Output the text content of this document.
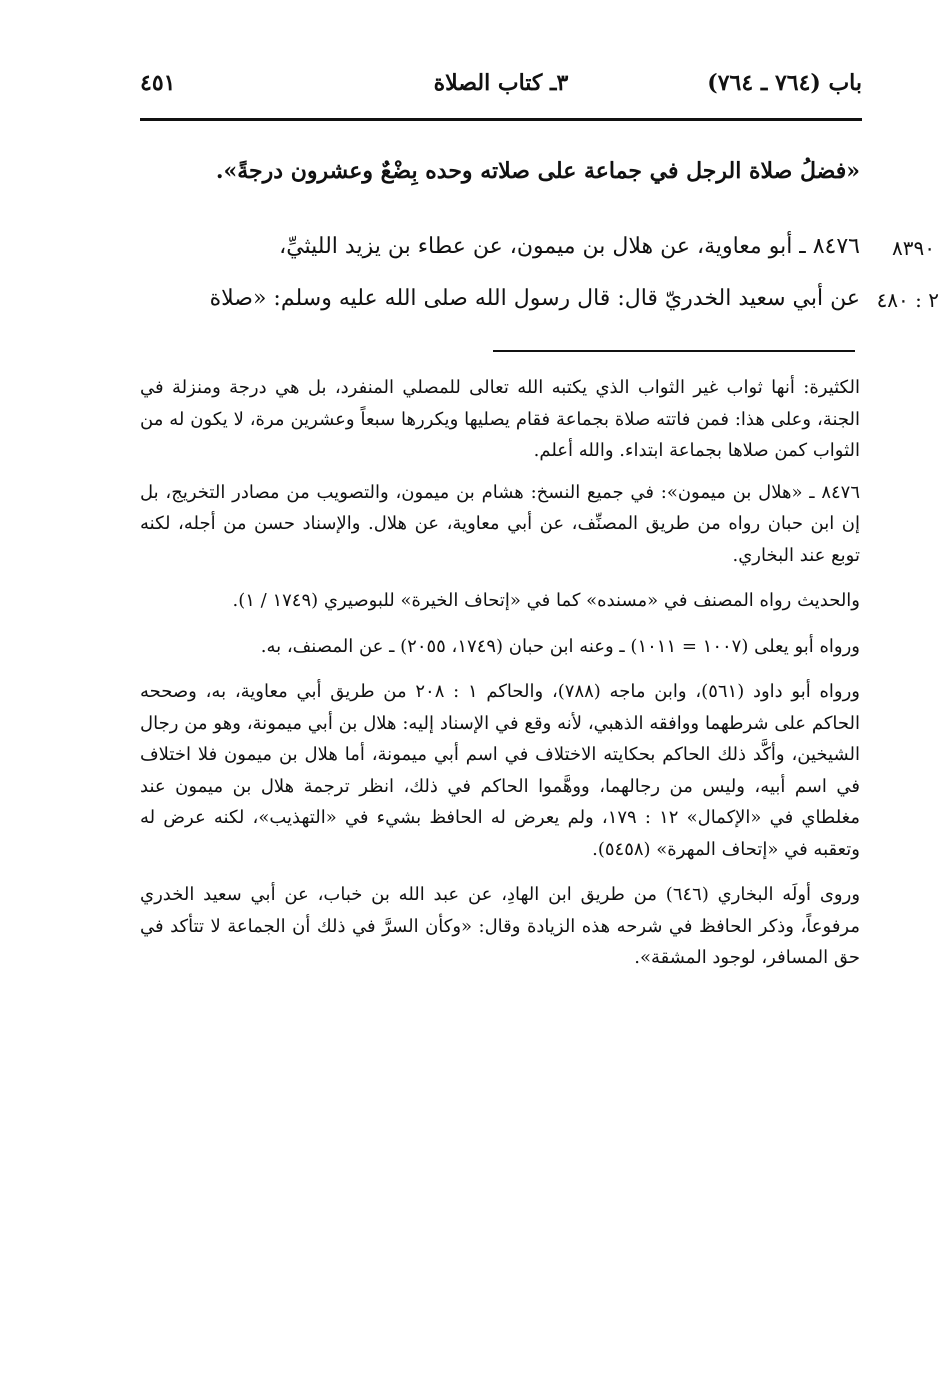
باب (٧٦٤ ـ ٧٦٤)
٣ـ كتاب الصلاة
٤٥١
«فضلُ صلاة الرجل في جماعة على صلاته وحده بِضْعٌ وعشرون درجةً».
٨٤٧٦ ـ أبو معاوية، عن هلال بن ميمون، عن عطاء بن يزيد الليثيِّ،
عن أبي سعيد الخدريّ قال: قال رسول الله صلى الله عليه وسلم: «صلاة
٨٣٩٠
٢ : ٤٨٠

الكثيرة: أنها ثواب غير الثواب الذي يكتبه الله تعالى للمصلي المنفرد، بل هي درجة ومنزلة في الجنة، وعلى هذا: فمن فاتته صلاة بجماعة فقام يصليها ويكررها سبعاً وعشرين مرة، لا يكون له من الثواب كمن صلاها بجماعة ابتداء. والله أعلم.

٨٤٧٦ ـ «هلال بن ميمون»: في جميع النسخ: هشام بن ميمون، والتصويب من مصادر التخريج، بل إن ابن حبان رواه من طريق المصنِّف، عن أبي معاوية، عن هلال. والإسناد حسن من أجله، لكنه توبع عند البخاري.

والحديث رواه المصنف في «مسنده» كما في «إتحاف الخيرة» للبوصيري (١٧٤٩ / ١).

ورواه أبو يعلى (١٠٠٧ = ١٠١١) ـ وعنه ابن حبان (١٧٤٩، ٢٠٥٥) ـ عن المصنف، به.

ورواه أبو داود (٥٦١)، وابن ماجه (٧٨٨)، والحاكم ١ : ٢٠٨ من طريق أبي معاوية، به، وصححه الحاكم على شرطهما ووافقه الذهبي، لأنه وقع في الإسناد إليه: هلال بن أبي ميمونة، وهو من رجال الشيخين، وأكَّد ذلك الحاكم بحكايته الاختلاف في اسم أبي ميمونة، أما هلال بن ميمون فلا اختلاف في اسم أبيه، وليس من رجالهما، ووهَّموا الحاكم في ذلك، انظر ترجمة هلال بن ميمون عند مغلطاي في «الإكمال» ١٢ : ١٧٩، ولم يعرض له الحافظ بشيء في «التهذيب»، لكنه عرض له وتعقبه في «إتحاف المهرة» (٥٤٥٨).

وروى أولَه البخاري (٦٤٦) من طريق ابن الهادِ، عن عبد الله بن خباب، عن أبي سعيد الخدري مرفوعاً، وذكر الحافظ في شرحه هذه الزيادة وقال: «وكأن السرَّ في ذلك أن الجماعة لا تتأكد في حق المسافر، لوجود المشقة».
